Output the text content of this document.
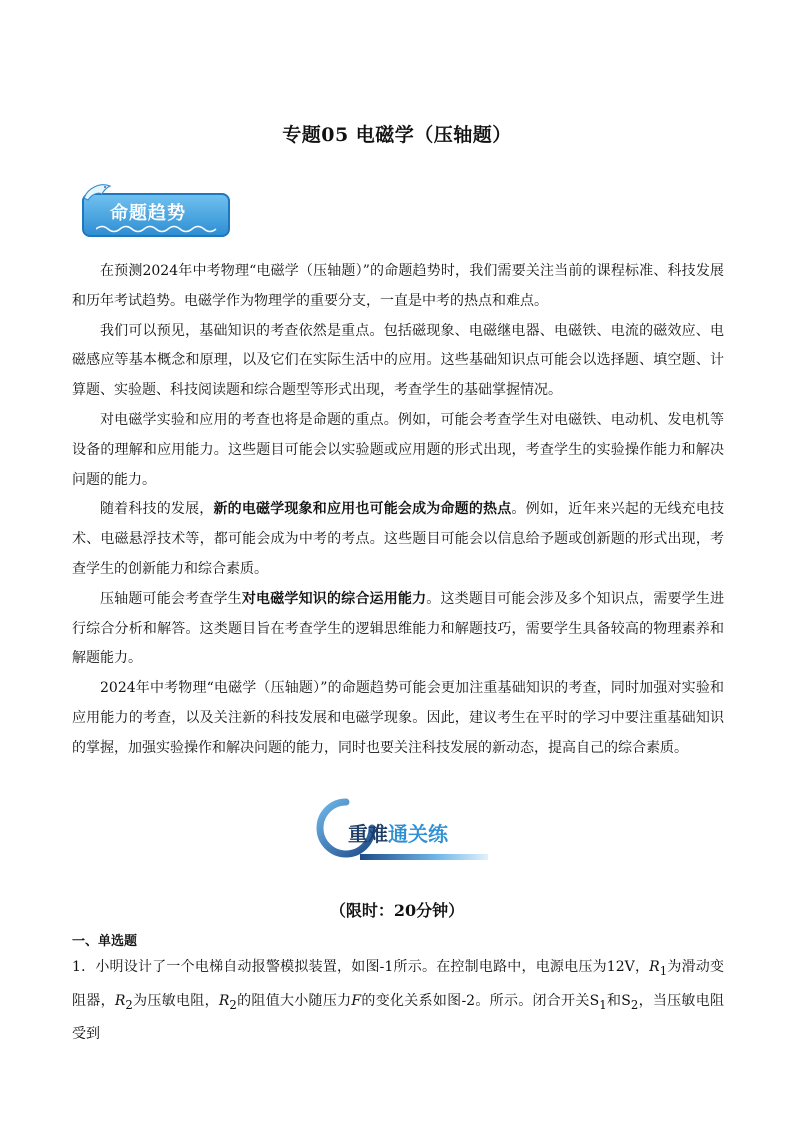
专题05 电磁学（压轴题）
命题趋势

在预测2024年中考物理“电磁学（压轴题）”的命题趋势时，我们需要关注当前的课程标准、科技发展和历年考试趋势。电磁学作为物理学的重要分支，一直是中考的热点和难点。

我们可以预见，基础知识的考查依然是重点。包括磁现象、电磁继电器、电磁铁、电流的磁效应、电磁感应等基本概念和原理，以及它们在实际生活中的应用。这些基础知识点可能会以选择题、填空题、计算题、实验题、科技阅读题和综合题型等形式出现，考查学生的基础掌握情况。

对电磁学实验和应用的考查也将是命题的重点。例如，可能会考查学生对电磁铁、电动机、发电机等设备的理解和应用能力。这些题目可能会以实验题或应用题的形式出现，考查学生的实验操作能力和解决问题的能力。

随着科技的发展，新的电磁学现象和应用也可能会成为命题的热点。例如，近年来兴起的无线充电技术、电磁悬浮技术等，都可能会成为中考的考点。这些题目可能会以信息给予题或创新题的形式出现，考查学生的创新能力和综合素质。

压轴题可能会考查学生对电磁学知识的综合运用能力。这类题目可能会涉及多个知识点，需要学生进行综合分析和解答。这类题目旨在考查学生的逻辑思维能力和解题技巧，需要学生具备较高的物理素养和解题能力。

2024年中考物理“电磁学（压轴题）”的命题趋势可能会更加注重基础知识的考查，同时加强对实验和应用能力的考查，以及关注新的科技发展和电磁学现象。因此，建议考生在平时的学习中要注重基础知识的掌握，加强实验操作和解决问题的能力，同时也要关注科技发展的新动态，提高自己的综合素质。

重难通关练
（限时：20分钟）
一、单选题
1．小明设计了一个电梯自动报警模拟装置，如图-1所示。在控制电路中，电源电压为12V，$R_1$为滑动变阻器，$R_2$为压敏电阻，$R_2$的阻值大小随压力F的变化关系如图-2。所示。闭合开关$S_1$和$S_2$，当压敏电阻受到
